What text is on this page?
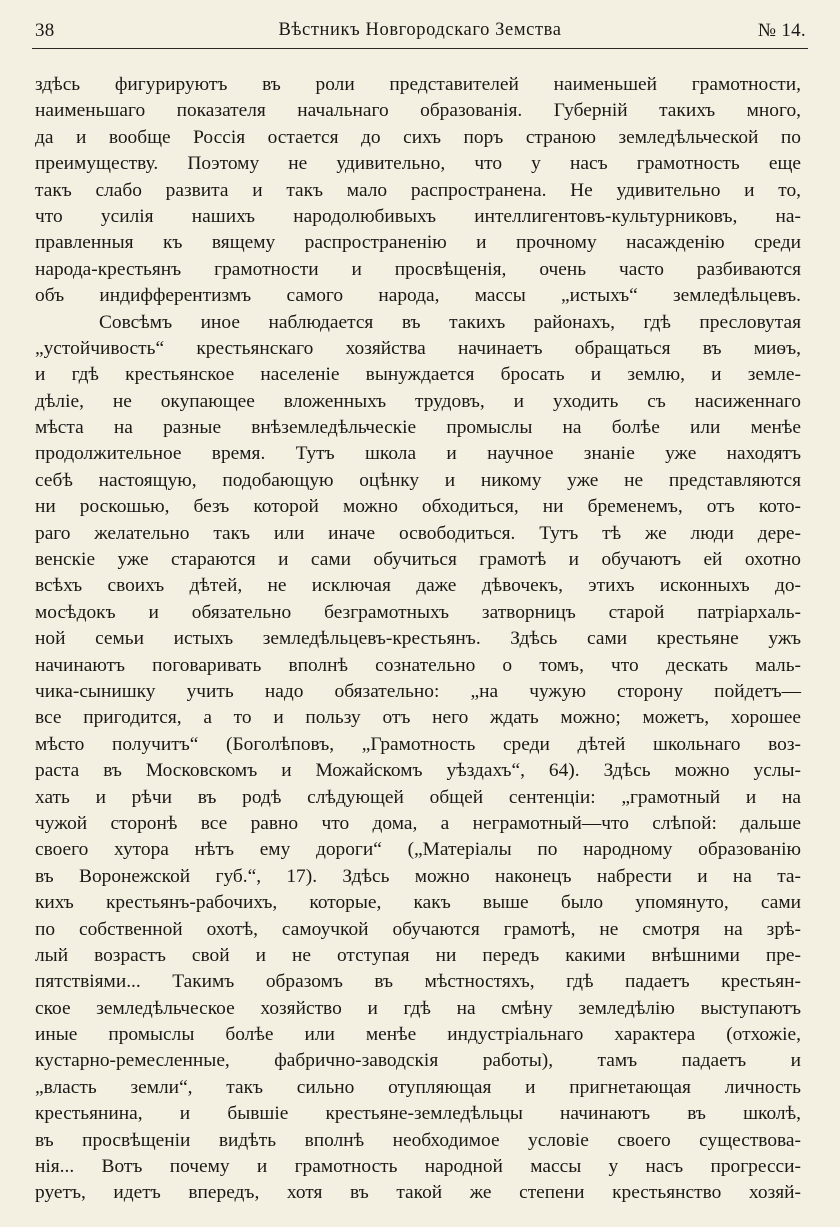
38	Вѣстникъ Новгородскаго Земства	№ 14.
здѣсь фигурируютъ въ роли представителей наименьшей грамотности,
наименьшаго показателя начальнаго образованія. Губерній такихъ много,
да и вообще Россія остается до сихъ поръ страною земледѣльческой по
преимуществу. Поэтому не удивительно, что у насъ грамотность еще
такъ слабо развита и такъ мало распространена. Не удивительно и то,
что усилія нашихъ народолюбивыхъ интеллигентовъ-культурниковъ, на-
правленныя къ вящему распространенію и прочному насажденію среди
народа-крестьянъ грамотности и просвѣщенія, очень часто разбиваются
объ индифферентизмъ самого народа, массы „истыхъ“ земледѣльцевъ.
Совсѣмъ иное наблюдается въ такихъ районахъ, гдѣ пресловутая
„устойчивость“ крестьянскаго хозяйства начинаетъ обращаться въ миѳъ,
и гдѣ крестьянское населеніе вынуждается бросать и землю, и земле-
дѣліе, не окупающее вложенныхъ трудовъ, и уходить съ насиженнаго
мѣста на разные внѣземледѣльческіе промыслы на болѣе или менѣе
продолжительное время. Тутъ школа и научное знаніе уже находятъ
себѣ настоящую, подобающую оцѣнку и никому уже не представляются
ни роскошью, безъ которой можно обходиться, ни бременемъ, отъ кото-
раго желательно такъ или иначе освободиться. Тутъ тѣ же люди дере-
венскіе уже стараются и сами обучиться грамотѣ и обучаютъ ей охотно
всѣхъ своихъ дѣтей, не исключая даже дѣвочекъ, этихъ исконныхъ до-
мосѣдокъ и обязательно безграмотныхъ затворницъ старой патріархаль-
ной семьи истыхъ земледѣльцевъ-крестьянъ. Здѣсь сами крестьяне ужъ
начинаютъ поговаривать вполнѣ сознательно о томъ, что дескать маль-
чика-сынишку учить надо обязательно: „на чужую сторону пойдетъ—
все пригодится, а то и пользу отъ него ждать можно; можетъ, хорошее
мѣсто получитъ“ (Боголѣповъ, „Грамотность среди дѣтей школьнаго воз-
раста въ Московскомъ и Можайскомъ уѣздахъ“, 64). Здѣсь можно услы-
хать и рѣчи въ родѣ слѣдующей общей сентенціи: „грамотный и на
чужой сторонѣ все равно что дома, а неграмотный—что слѣпой: дальше
своего хутора нѣтъ ему дороги“ („Матеріалы по народному образованію
въ Воронежской губ.“, 17). Здѣсь можно наконецъ набрести и на та-
кихъ крестьянъ-рабочихъ, которые, какъ выше было упомянуто, сами
по собственной охотѣ, самоучкой обучаются грамотѣ, не смотря на зрѣ-
лый возрастъ свой и не отступая ни передъ какими внѣшними пре-
пятствіями... Такимъ образомъ въ мѣстностяхъ, гдѣ падаетъ крестьян-
ское земледѣльческое хозяйство и гдѣ на смѣну земледѣлію выступаютъ
иные промыслы болѣе или менѣе индустріальнаго характера (отхожіе,
кустарно-ремесленные, фабрично-заводскія работы), тамъ падаетъ и
„власть земли“, такъ сильно отупляющая и пригнетающая личность
крестьянина, и бывшіе крестьяне-земледѣльцы начинаютъ въ школѣ,
въ просвѣщеніи видѣть вполнѣ необходимое условіе своего существова-
нія... Вотъ почему и грамотность народной массы у насъ прогресси-
руетъ, идетъ впередъ, хотя въ такой же степени крестьянство хозяй-
